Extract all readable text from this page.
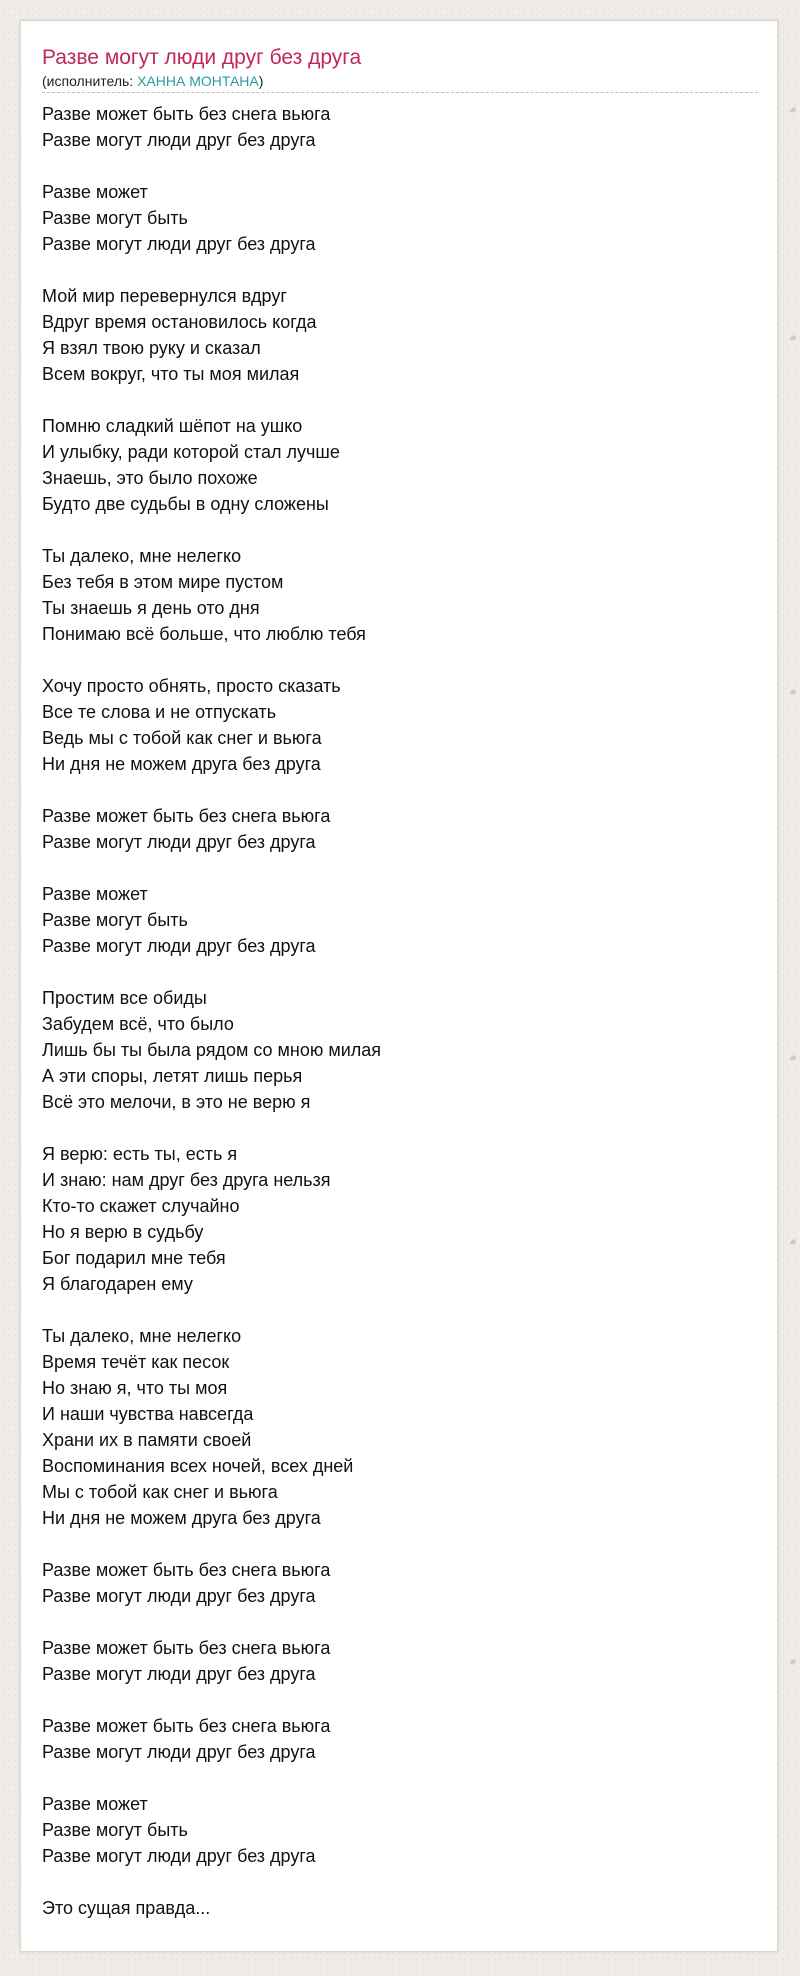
Разве могут люди друг без друга
(исполнитель: ХАННА МОНТАНА)
Разве может быть без снега вьюга
Разве могут люди друг без друга
Разве может
Разве могут быть
Разве могут люди друг без друга
Мой мир перевернулся вдруг
Вдруг время остановилось когда
Я взял твою руку и сказал
Всем вокруг, что ты моя милая
Помню сладкий шёпот на ушко
И улыбку, ради которой стал лучше
Знаешь, это было похоже
Будто две судьбы в одну сложены
Ты далеко, мне нелегко
Без тебя в этом мире пустом
Ты знаешь я день ото дня
Понимаю всё больше, что люблю тебя
Хочу просто обнять, просто сказать
Все те слова и не отпускать
Ведь мы с тобой как снег и вьюга
Ни дня не можем друга без друга
Разве может быть без снега вьюга
Разве могут люди друг без друга
Разве может
Разве могут быть
Разве могут люди друг без друга
Простим все обиды
Забудем всё, что было
Лишь бы ты была рядом со мною милая
А эти споры, летят лишь перья
Всё это мелочи, в это не верю я
Я верю: есть ты, есть я
И знаю: нам друг без друга нельзя
Кто-то скажет случайно
Но я верю в судьбу
Бог подарил мне тебя
Я благодарен ему
Ты далеко, мне нелегко
Время течёт как песок
Но знаю я, что ты моя
И наши чувства навсегда
Храни их в памяти своей
Воспоминания всех ночей, всех дней
Мы с тобой как снег и вьюга
Ни дня не можем друга без друга
Разве может быть без снега вьюга
Разве могут люди друг без друга
Разве может быть без снега вьюга
Разве могут люди друг без друга
Разве может быть без снега вьюга
Разве могут люди друг без друга
Разве может
Разве могут быть
Разве могут люди друг без друга
Это сущая правда...
